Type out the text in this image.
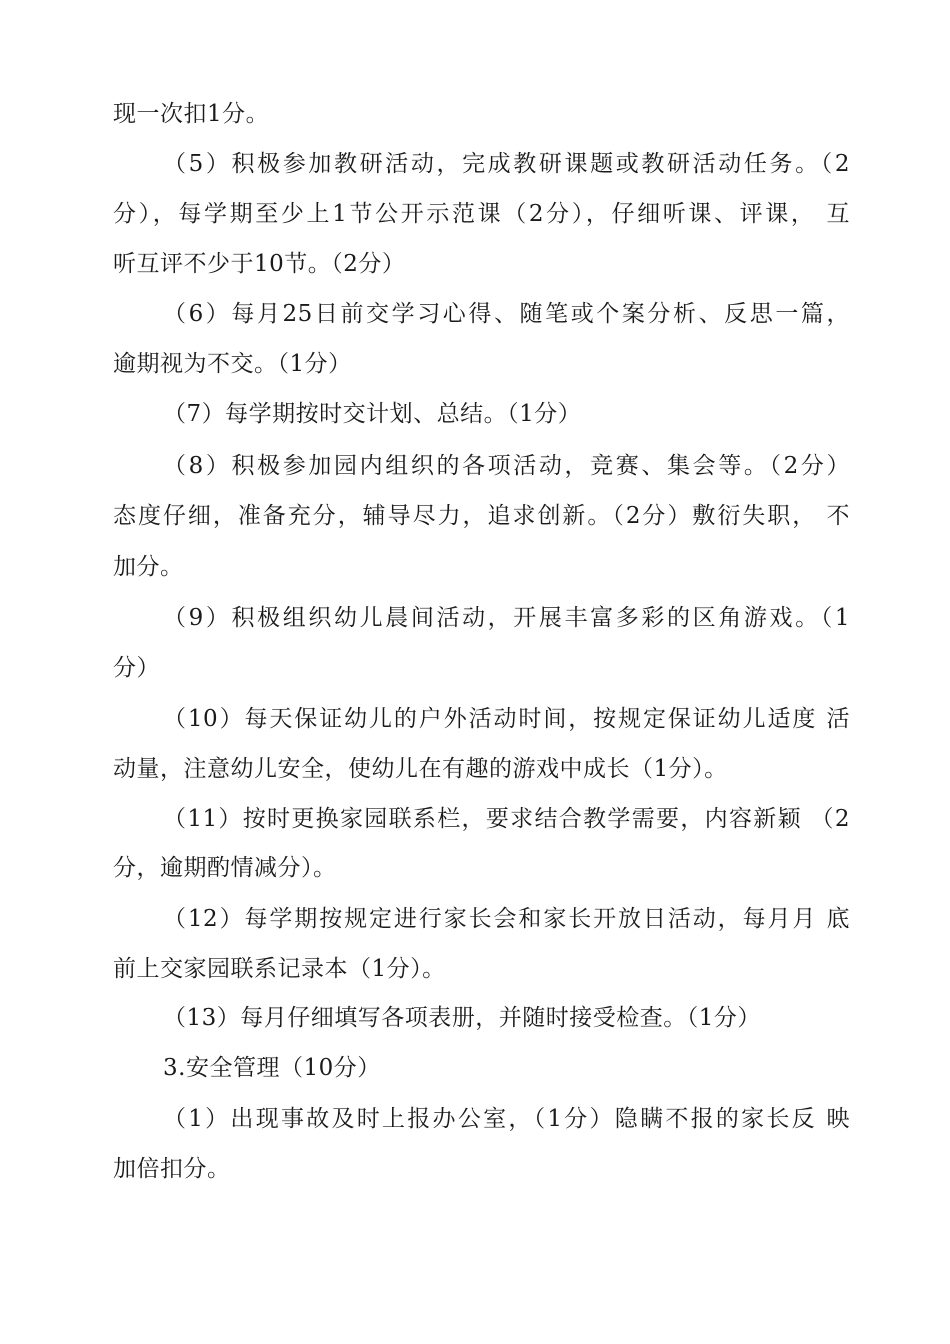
现一次扣1分。
（5）积极参加教研活动，完成教研课题或教研活动任务。（2
分），每学期至少上1节公开示范课（2分），仔细听课、评课， 互
听互评不少于10节。（2分）
（6）每月25日前交学习心得、随笔或个案分析、反思一篇，
逾期视为不交。（1分）
（7）每学期按时交计划、总结。（1分）
（8）积极参加园内组织的各项活动，竞赛、集会等。（2分）
态度仔细，准备充分，辅导尽力，追求创新。（2分）敷衍失职， 不
加分。
（9）积极组织幼儿晨间活动，开展丰富多彩的区角游戏。（1
分）
（10）每天保证幼儿的户外活动时间，按规定保证幼儿适度 活
动量，注意幼儿安全，使幼儿在有趣的游戏中成长（1分）。
（11）按时更换家园联系栏，要求结合教学需要，内容新颖 （2
分，逾期酌情减分）。
（12）每学期按规定进行家长会和家长开放日活动，每月月 底
前上交家园联系记录本（1分）。
（13）每月仔细填写各项表册，并随时接受检查。（1分）
3.安全管理（10分）
（1）出现事故及时上报办公室，（1分）隐瞒不报的家长反 映
加倍扣分。
